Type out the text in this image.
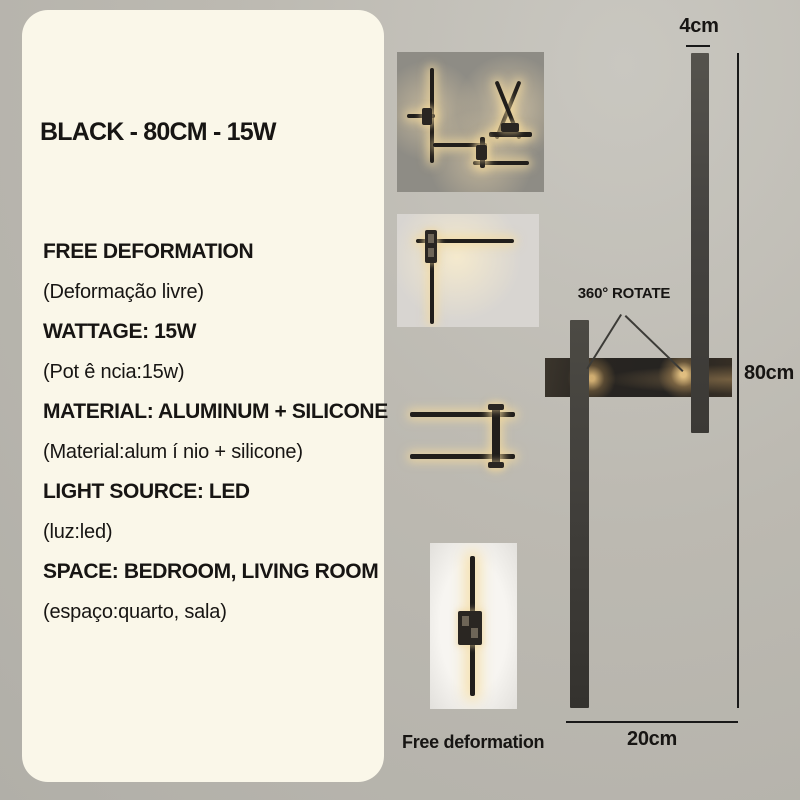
BLACK - 80CM - 15W
FREE DEFORMATION
(Deformação livre)
WATTAGE: 15W
(Pot ê ncia:15w)
MATERIAL: ALUMINUM + SILICONE
(Material:alum í nio + silicone)
LIGHT SOURCE: LED
(luz:led)
SPACE: BEDROOM, LIVING ROOM
(espaço:quarto, sala)
Free deformation
360° ROTATE
4cm
80cm
20cm
